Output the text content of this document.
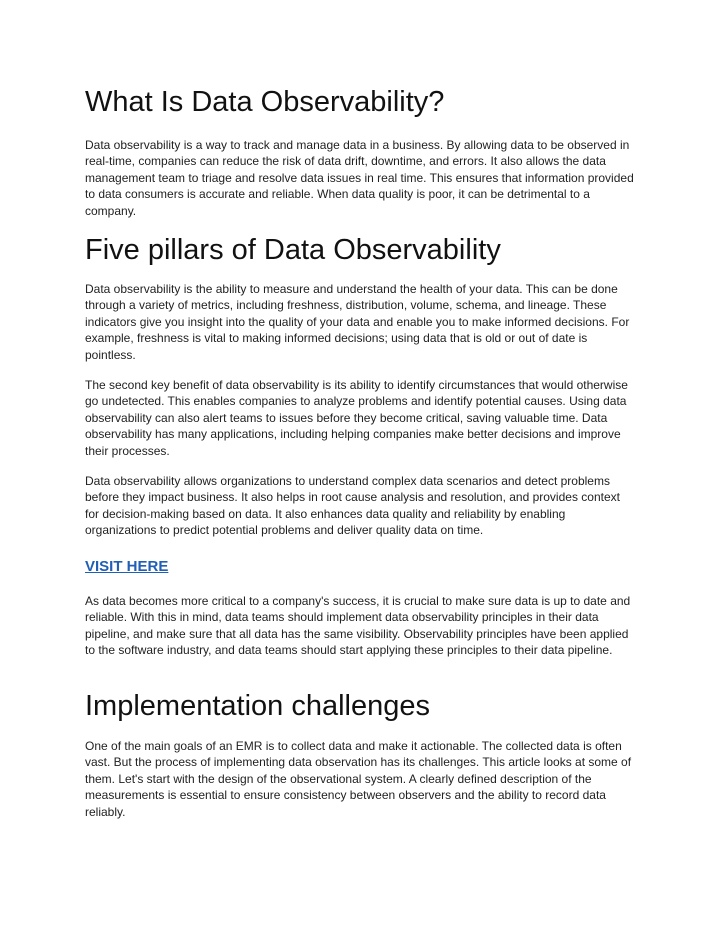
What Is Data Observability?

Data observability is a way to track and manage data in a business. By allowing data to be observed in real-time, companies can reduce the risk of data drift, downtime, and errors. It also allows the data management team to triage and resolve data issues in real time. This ensures that information provided to data consumers is accurate and reliable. When data quality is poor, it can be detrimental to a company.

Five pillars of Data Observability

Data observability is the ability to measure and understand the health of your data. This can be done through a variety of metrics, including freshness, distribution, volume, schema, and lineage. These indicators give you insight into the quality of your data and enable you to make informed decisions. For example, freshness is vital to making informed decisions; using data that is old or out of date is pointless.

The second key benefit of data observability is its ability to identify circumstances that would otherwise go undetected. This enables companies to analyze problems and identify potential causes. Using data observability can also alert teams to issues before they become critical, saving valuable time. Data observability has many applications, including helping companies make better decisions and improve their processes.

Data observability allows organizations to understand complex data scenarios and detect problems before they impact business. It also helps in root cause analysis and resolution, and provides context for decision-making based on data. It also enhances data quality and reliability by enabling organizations to predict potential problems and deliver quality data on time.

VISIT HERE

As data becomes more critical to a company's success, it is crucial to make sure data is up to date and reliable. With this in mind, data teams should implement data observability principles in their data pipeline, and make sure that all data has the same visibility. Observability principles have been applied to the software industry, and data teams should start applying these principles to their data pipeline.

Implementation challenges

One of the main goals of an EMR is to collect data and make it actionable. The collected data is often vast. But the process of implementing data observation has its challenges. This article looks at some of them. Let's start with the design of the observational system. A clearly defined description of the measurements is essential to ensure consistency between observers and the ability to record data reliably.
